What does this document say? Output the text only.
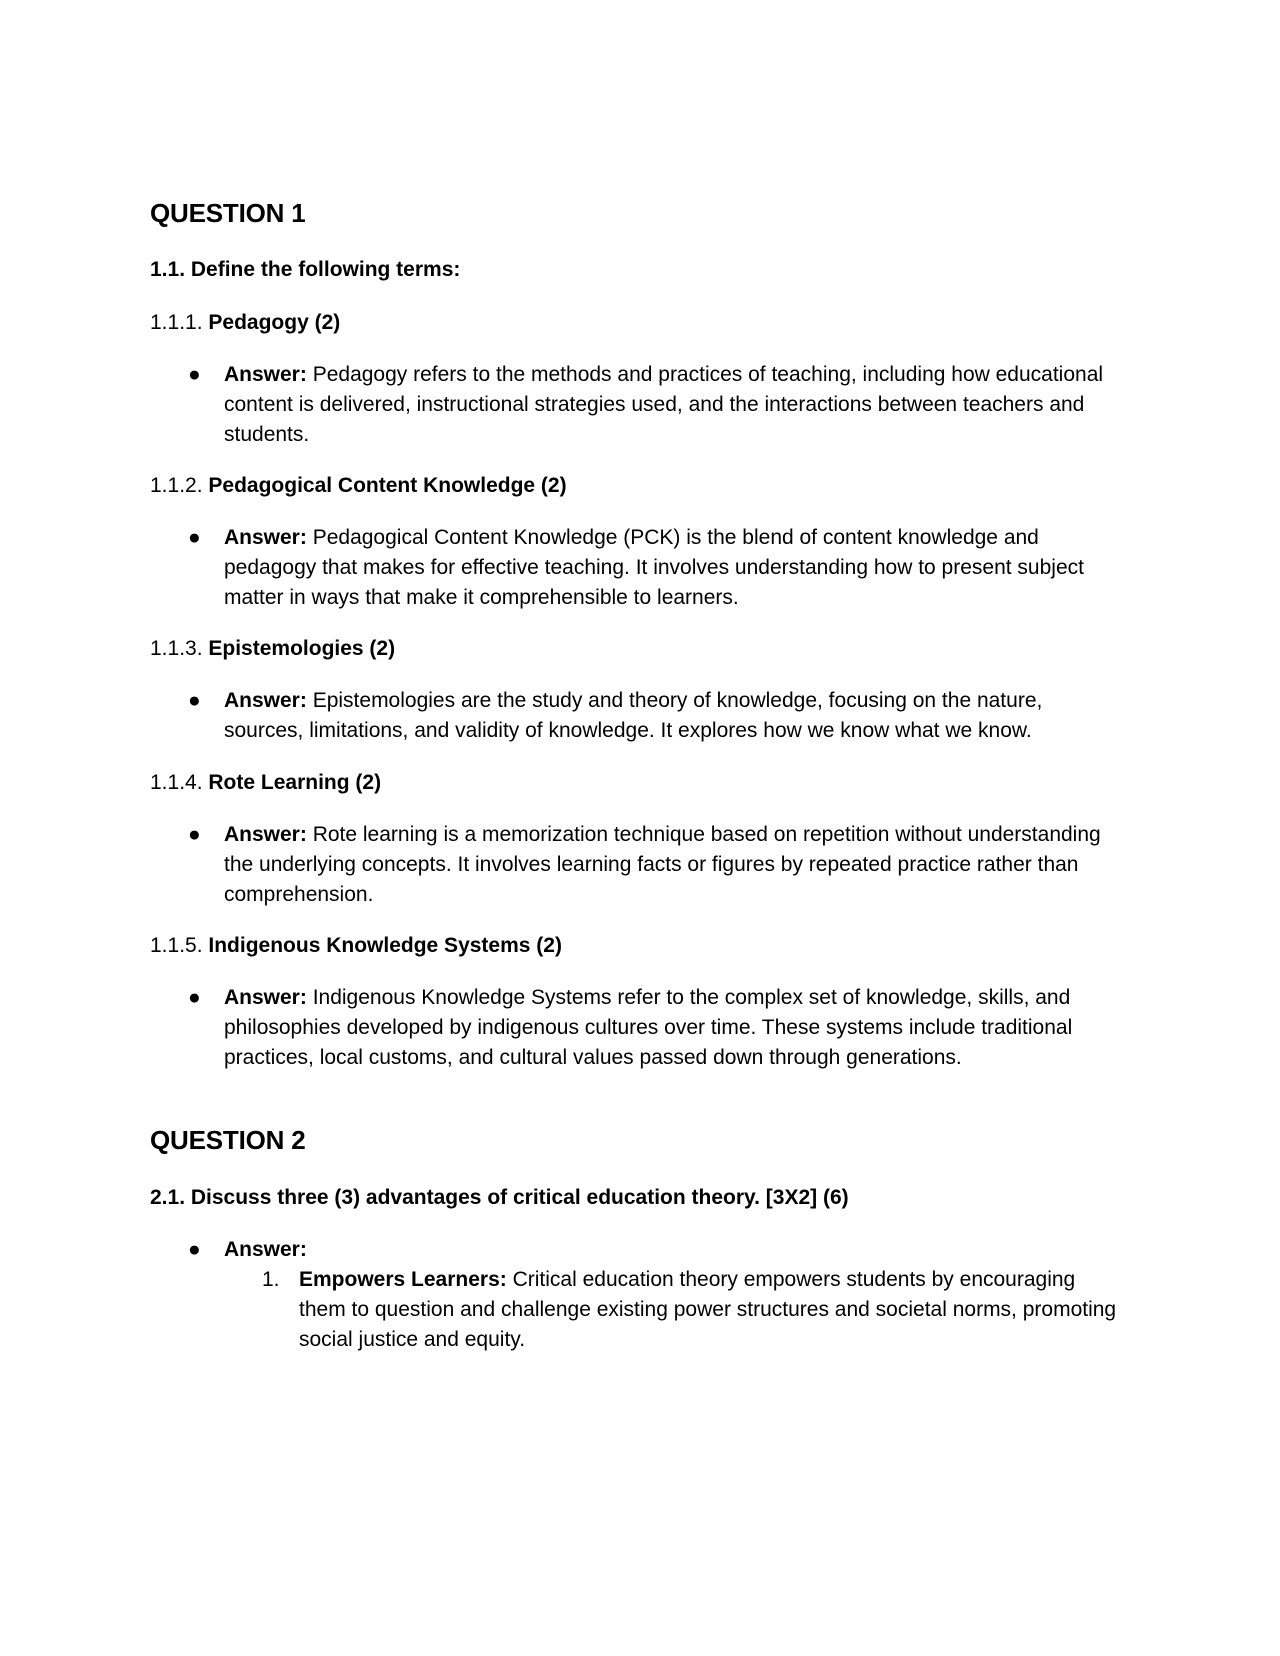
QUESTION 1
1.1. Define the following terms:

1.1.1. Pedagogy (2)

● Answer: Pedagogy refers to the methods and practices of teaching, including how educational content is delivered, instructional strategies used, and the interactions between teachers and students.

1.1.2. Pedagogical Content Knowledge (2)

● Answer: Pedagogical Content Knowledge (PCK) is the blend of content knowledge and pedagogy that makes for effective teaching. It involves understanding how to present subject matter in ways that make it comprehensible to learners.

1.1.3. Epistemologies (2)

● Answer: Epistemologies are the study and theory of knowledge, focusing on the nature, sources, limitations, and validity of knowledge. It explores how we know what we know.

1.1.4. Rote Learning (2)

● Answer: Rote learning is a memorization technique based on repetition without understanding the underlying concepts. It involves learning facts or figures by repeated practice rather than comprehension.

1.1.5. Indigenous Knowledge Systems (2)

● Answer: Indigenous Knowledge Systems refer to the complex set of knowledge, skills, and philosophies developed by indigenous cultures over time. These systems include traditional practices, local customs, and cultural values passed down through generations.

QUESTION 2
2.1. Discuss three (3) advantages of critical education theory. [3X2] (6)
● Answer:

1. Empowers Learners: Critical education theory empowers students by encouraging them to question and challenge existing power structures and societal norms, promoting social justice and equity.
